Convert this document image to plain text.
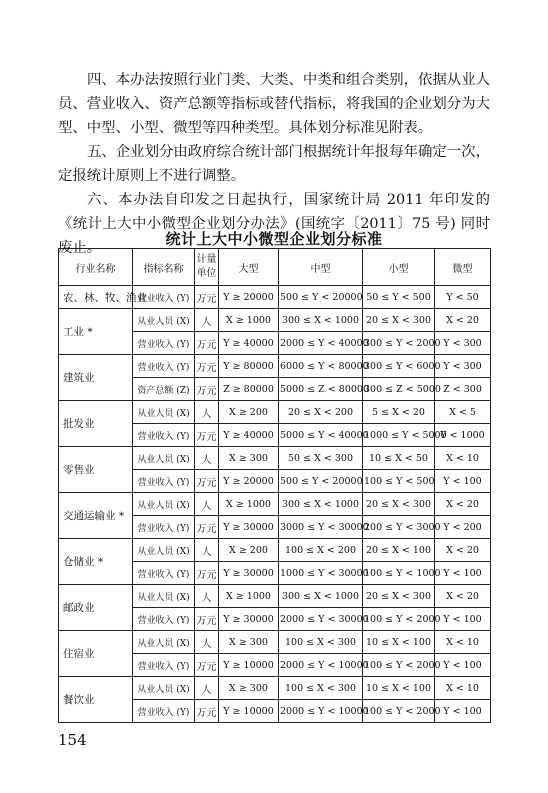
四、本办法按照行业门类、大类、中类和组合类别，依据从业人员、营业收入、资产总额等指标或替代指标，将我国的企业划分为大型、中型、小型、微型等四种类型。具体划分标准见附表。

五、企业划分由政府综合统计部门根据统计年报每年确定一次，定报统计原则上不进行调整。

六、本办法自印发之日起执行，国家统计局 2011 年印发的《统计上大中小微型企业划分办法》(国统字〔2011〕75 号) 同时废止。	统计上大中小微型企业划分标准
行业名称	指标名称	计量单位	大型	中型	小型	微型
农、林、牧、渔业	营业收入 (Y)	万元	Y ≥ 20000	500 ≤ Y < 20000	50 ≤ Y < 500	Y < 50
工业 *	从业人员 (X)	人	X ≥ 1000	300 ≤ X < 1000	20 ≤ X < 300	X < 20
	营业收入 (Y)	万元	Y ≥ 40000	2000 ≤ Y < 40000	300 ≤ Y < 2000	Y < 300
建筑业	营业收入 (Y)	万元	Y ≥ 80000	6000 ≤ Y < 80000	300 ≤ Y < 6000	Y < 300
	资产总额 (Z)	万元	Z ≥ 80000	5000 ≤ Z < 80000	300 ≤ Z < 5000	Z < 300
批发业	从业人员 (X)	人	X ≥ 200	20 ≤ X < 200	5 ≤ X < 20	X < 5
	营业收入 (Y)	万元	Y ≥ 40000	5000 ≤ Y < 40000	1000 ≤ Y < 5000	Y < 1000
零售业	从业人员 (X)	人	X ≥ 300	50 ≤ X < 300	10 ≤ X < 50	X < 10
	营业收入 (Y)	万元	Y ≥ 20000	500 ≤ Y < 20000	100 ≤ Y < 500	Y < 100
交通运输业 *	从业人员 (X)	人	X ≥ 1000	300 ≤ X < 1000	20 ≤ X < 300	X < 20
	营业收入 (Y)	万元	Y ≥ 30000	3000 ≤ Y < 30000	200 ≤ Y < 3000	Y < 200
仓储业 *	从业人员 (X)	人	X ≥ 200	100 ≤ X < 200	20 ≤ X < 100	X < 20
	营业收入 (Y)	万元	Y ≥ 30000	1000 ≤ Y < 30000	100 ≤ Y < 1000	Y < 100
邮政业	从业人员 (X)	人	X ≥ 1000	300 ≤ X < 1000	20 ≤ X < 300	X < 20
	营业收入 (Y)	万元	Y ≥ 30000	2000 ≤ Y < 30000	100 ≤ Y < 2000	Y < 100
住宿业	从业人员 (X)	人	X ≥ 300	100 ≤ X < 300	10 ≤ X < 100	X < 10
	营业收入 (Y)	万元	Y ≥ 10000	2000 ≤ Y < 10000	100 ≤ Y < 2000	Y < 100
餐饮业	从业人员 (X)	人	X ≥ 300	100 ≤ X < 300	10 ≤ X < 100	X < 10
	营业收入 (Y)	万元	Y ≥ 10000	2000 ≤ Y < 10000	100 ≤ Y < 2000	Y < 100
154
